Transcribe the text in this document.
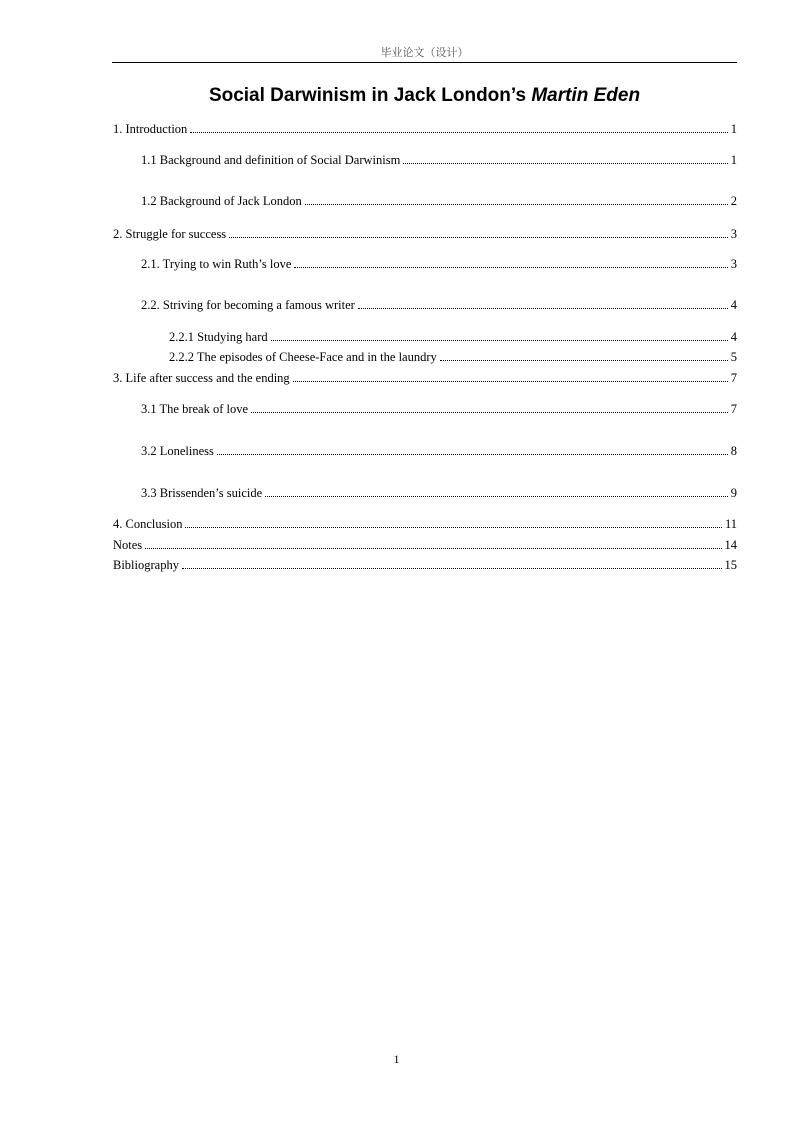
毕业论文（设计）
Social Darwinism in Jack London’s Martin Eden
1. Introduction	1
1.1 Background and definition of Social Darwinism	1
1.2 Background of Jack London	2
2. Struggle for success	3
2.1. Trying to win Ruth’s love	3
2.2. Striving for becoming a famous writer	4
2.2.1 Studying hard	4
2.2.2 The episodes of Cheese-Face and in the laundry	5
3. Life after success and the ending	7
3.1 The break of love	7
3.2 Loneliness	8
3.3 Brissenden’s suicide	9
4. Conclusion	11
Notes	14
Bibliography	15
1
